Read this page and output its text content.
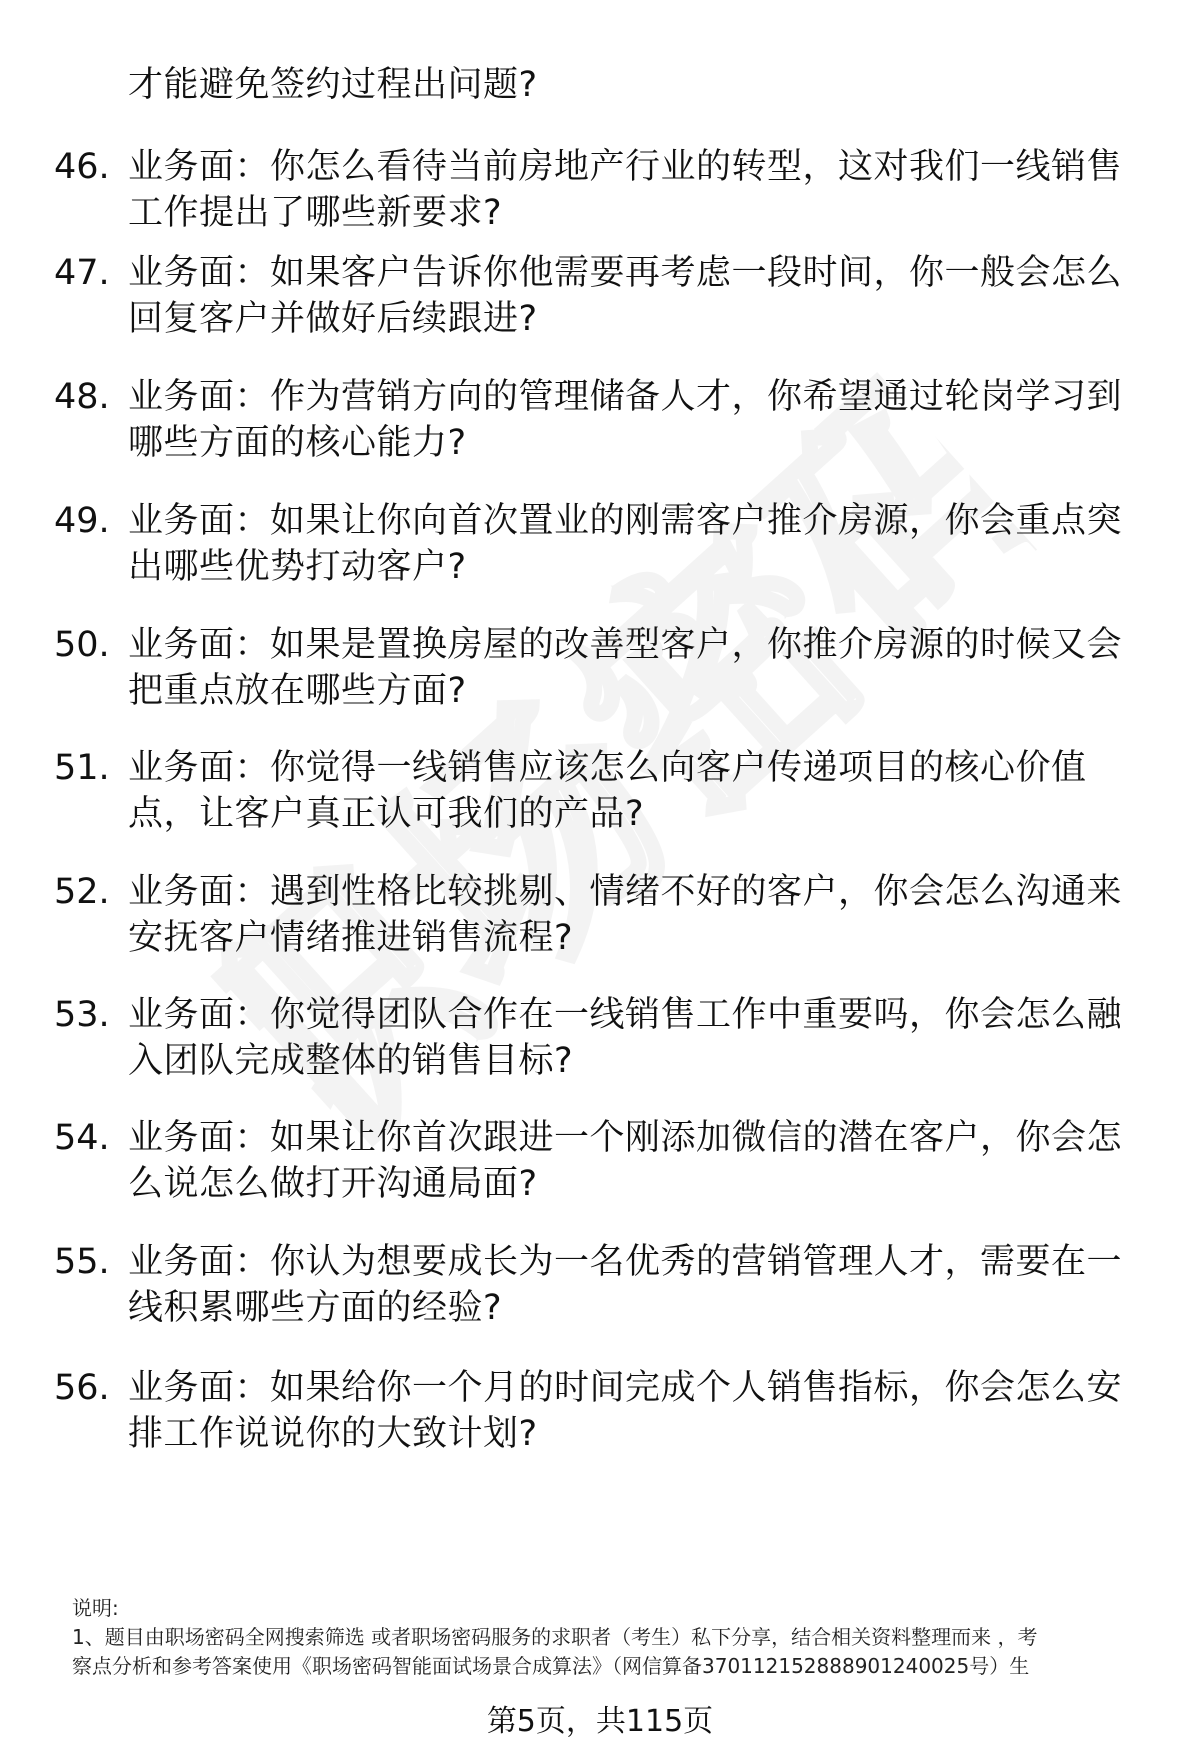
才能避免签约过程出问题?
46. 业务面：你怎么看待当前房地产行业的转型，这对我们一线销售工作提出了哪些新要求?
47. 业务面：如果客户告诉你他需要再考虑一段时间，你一般会怎么回复客户并做好后续跟进?
48. 业务面：作为营销方向的管理储备人才，你希望通过轮岗学习到哪些方面的核心能力?
49. 业务面：如果让你向首次置业的刚需客户推介房源，你会重点突出哪些优势打动客户?
50. 业务面：如果是置换房屋的改善型客户，你推介房源的时候又会把重点放在哪些方面?
51. 业务面：你觉得一线销售应该怎么向客户传递项目的核心价值点，让客户真正认可我们的产品?
52. 业务面：遇到性格比较挑剔、情绪不好的客户，你会怎么沟通来安抚客户情绪推进销售流程?
53. 业务面：你觉得团队合作在一线销售工作中重要吗，你会怎么融入团队完成整体的销售目标?
54. 业务面：如果让你首次跟进一个刚添加微信的潜在客户，你会怎么说怎么做打开沟通局面?
55. 业务面：你认为想要成长为一名优秀的营销管理人才，需要在一线积累哪些方面的经验?
56. 业务面：如果给你一个月的时间完成个人销售指标，你会怎么安排工作说说你的大致计划?

说明:

1、题目由职场密码全网搜索筛选 或者职场密码服务的求职者（考生）私下分享，结合相关资料整理而来 ，考

察点分析和参考答案使用《职场密码智能面试场景合成算法》（网信算备370112152888901240025号）生

第5页，共115页
